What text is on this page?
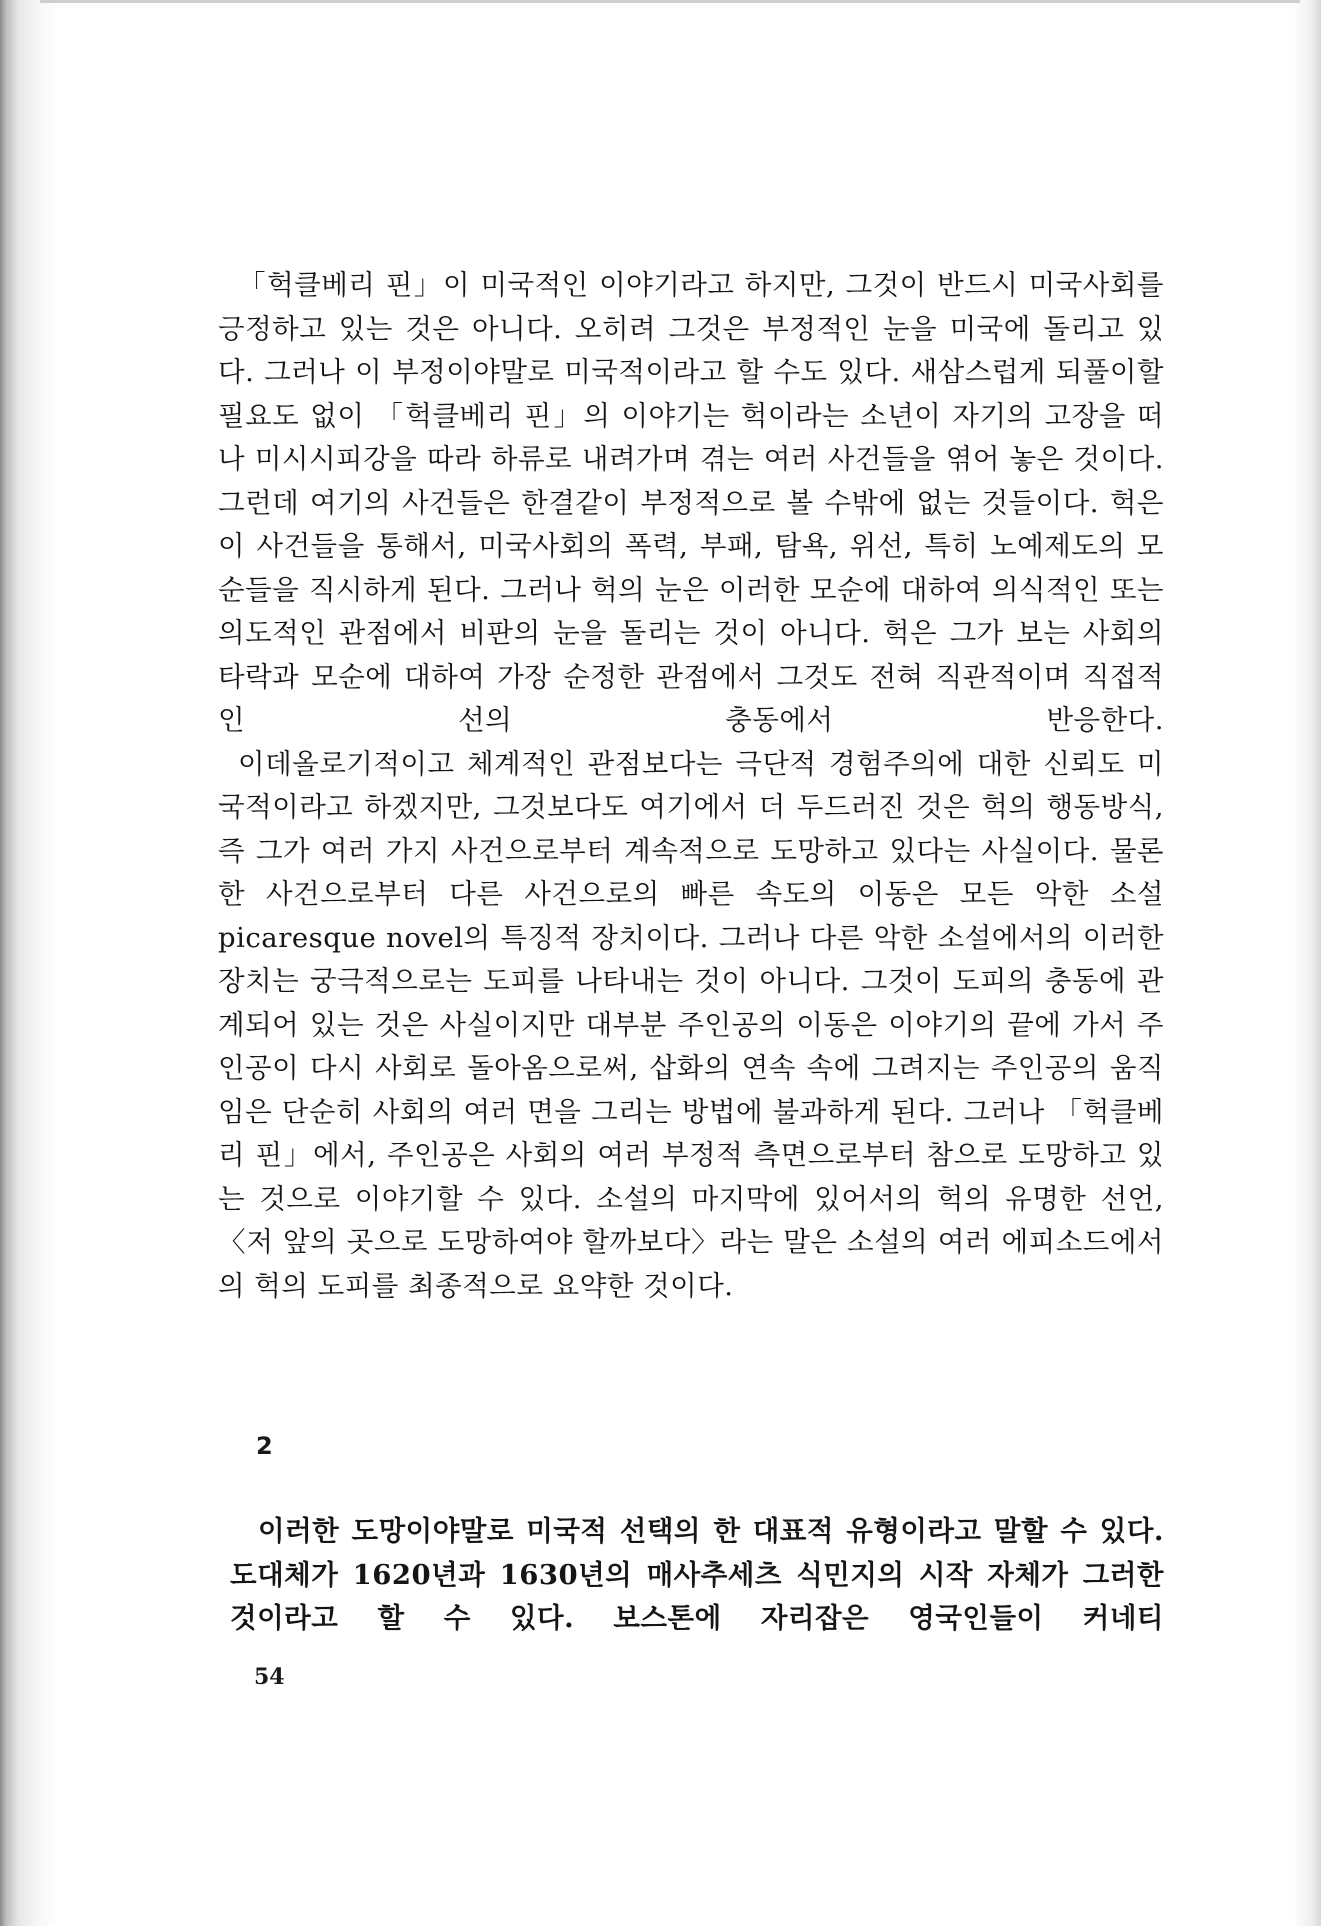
「헉클베리 핀」이 미국적인 이야기라고 하지만, 그것이 반드시 미국사회를 긍정하고 있는 것은 아니다. 오히려 그것은 부정적인 눈을 미국에 돌리고 있다. 그러나 이 부정이야말로 미국적이라고 할 수도 있다. 새삼스럽게 되풀이할 필요도 없이 「헉클베리 핀」의 이야기는 헉이라는 소년이 자기의 고장을 떠나 미시시피강을 따라 하류로 내려가며 겪는 여러 사건들을 엮어 놓은 것이다. 그런데 여기의 사건들은 한결같이 부정적으로 볼 수밖에 없는 것들이다. 헉은 이 사건들을 통해서, 미국사회의 폭력, 부패, 탐욕, 위선, 특히 노예제도의 모순들을 직시하게 된다. 그러나 헉의 눈은 이러한 모순에 대하여 의식적인 또는 의도적인 관점에서 비판의 눈을 돌리는 것이 아니다. 헉은 그가 보는 사회의 타락과 모순에 대하여 가장 순정한 관점에서 그것도 전혀 직관적이며 직접적인 선의 충동에서 반응한다.

이데올로기적이고 체계적인 관점보다는 극단적 경험주의에 대한 신뢰도 미국적이라고 하겠지만, 그것보다도 여기에서 더 두드러진 것은 헉의 행동방식, 즉 그가 여러 가지 사건으로부터 계속적으로 도망하고 있다는 사실이다. 물론 한 사건으로부터 다른 사건으로의 빠른 속도의 이동은 모든 악한 소설 picaresque novel의 특징적 장치이다. 그러나 다른 악한 소설에서의 이러한 장치는 궁극적으로는 도피를 나타내는 것이 아니다. 그것이 도피의 충동에 관계되어 있는 것은 사실이지만 대부분 주인공의 이동은 이야기의 끝에 가서 주인공이 다시 사회로 돌아옴으로써, 삽화의 연속 속에 그려지는 주인공의 움직임은 단순히 사회의 여러 면을 그리는 방법에 불과하게 된다. 그러나 「헉클베리 핀」에서, 주인공은 사회의 여러 부정적 측면으로부터 참으로 도망하고 있는 것으로 이야기할 수 있다. 소설의 마지막에 있어서의 헉의 유명한 선언, 〈저 앞의 곳으로 도망하여야 할까보다〉라는 말은 소설의 여러 에피소드에서의 헉의 도피를 최종적으로 요약한 것이다.

2

이러한 도망이야말로 미국적 선택의 한 대표적 유형이라고 말할 수 있다. 도대체가 1620년과 1630년의 매사추세츠 식민지의 시작 자체가 그러한 것이라고 할 수 있다. 보스톤에 자리잡은 영국인들이 커네티

54
